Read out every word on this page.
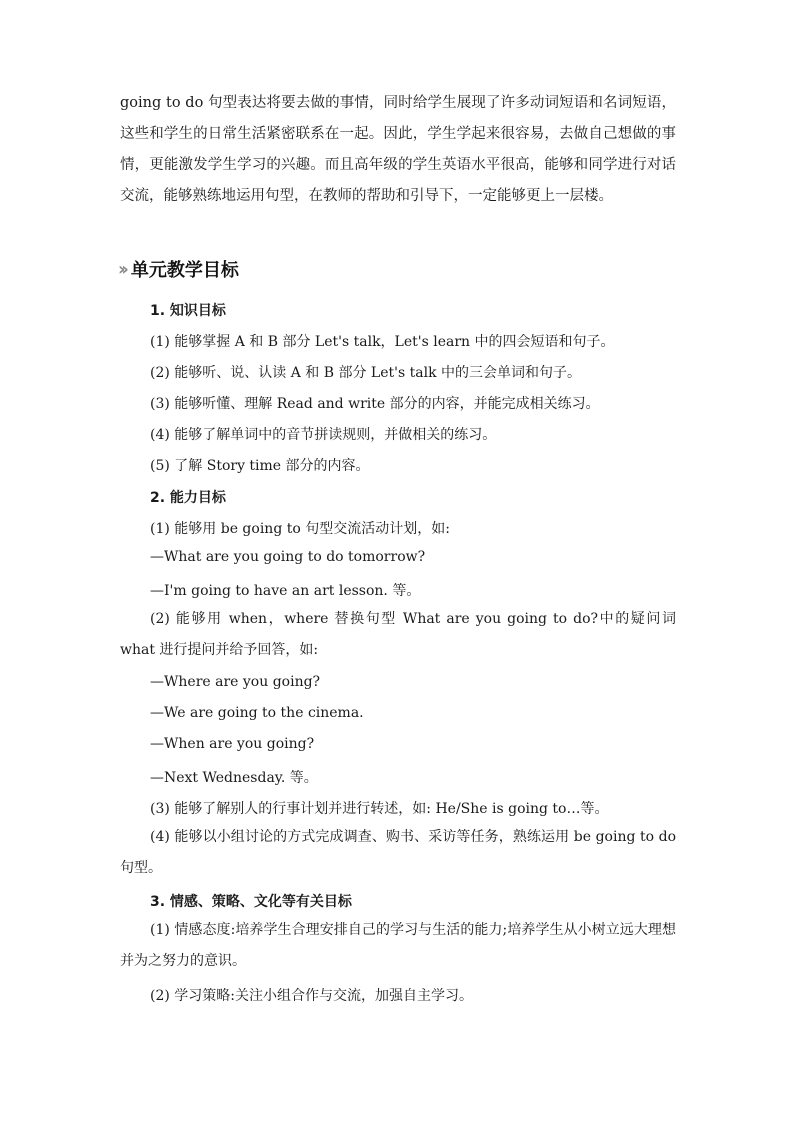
going to do 句型表达将要去做的事情，同时给学生展现了许多动词短语和名词短语，这些和学生的日常生活紧密联系在一起。因此，学生学起来很容易，去做自己想做的事情，更能激发学生学习的兴趣。而且高年级的学生英语水平很高，能够和同学进行对话交流，能够熟练地运用句型，在教师的帮助和引导下，一定能够更上一层楼。

›› 单元教学目标
1. 知识目标
(1) 能够掌握 A 和 B 部分 Let's talk，Let's learn 中的四会短语和句子。
(2) 能够听、说、认读 A 和 B 部分 Let's talk 中的三会单词和句子。
(3) 能够听懂、理解 Read and write 部分的内容，并能完成相关练习。
(4) 能够了解单词中的音节拼读规则，并做相关的练习。
(5) 了解 Story time 部分的内容。
2. 能力目标
(1) 能够用 be going to 句型交流活动计划，如:
—What are you going to do tomorrow?
—I'm going to have an art lesson. 等。
(2) 能够用 when，where 替换句型 What are you going to do?中的疑问词 what 进行提问并给予回答，如:
—Where are you going?
—We are going to the cinema.
—When are you going?
—Next Wednesday. 等。
(3) 能够了解别人的行事计划并进行转述，如: He/She is going to…等。
(4) 能够以小组讨论的方式完成调查、购书、采访等任务，熟练运用 be going to do 句型。
3. 情感、策略、文化等有关目标
(1) 情感态度:培养学生合理安排自己的学习与生活的能力;培养学生从小树立远大理想并为之努力的意识。
(2) 学习策略:关注小组合作与交流，加强自主学习。
